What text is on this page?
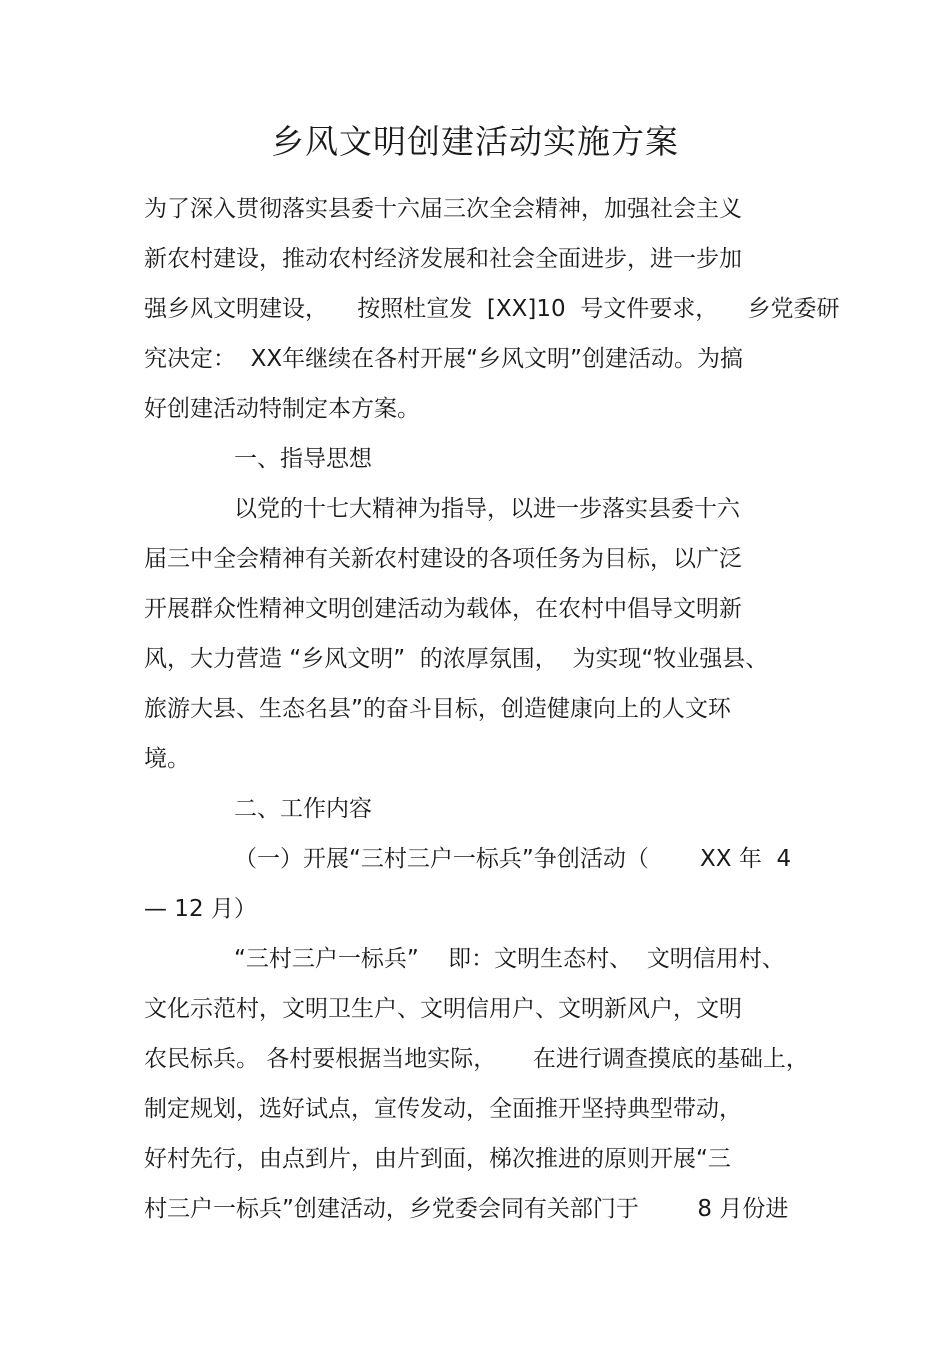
乡风文明创建活动实施方案
为了深入贯彻落实县委十六届三次全会精神，加强社会主义
新农村建设，推动农村经济发展和社会全面进步，进一步加
强乡风文明建设，    按照杜宣发  [XX]10  号文件要求，    乡党委研
究决定：  XX年继续在各村开展“乡风文明”创建活动。为搞
好创建活动特制定本方案。
一、指导思想
以党的十七大精神为指导，以进一步落实县委十六
届三中全会精神有关新农村建设的各项任务为目标，以广泛
开展群众性精神文明创建活动为载体，在农村中倡导文明新
风，大力营造 “乡风文明”  的浓厚氛围，  为实现“牧业强县、
旅游大县、生态名县”的奋斗目标，创造健康向上的人文环
境。
二、工作内容
（一）开展“三村三户一标兵”争创活动（       XX 年  4
— 12 月）
“三村三户一标兵”    即：文明生态村、  文明信用村、
文化示范村，文明卫生户、文明信用户、文明新风户，文明
农民标兵。 各村要根据当地实际，     在进行调查摸底的基础上，
制定规划，选好试点，宣传发动，全面推开坚持典型带动，
好村先行，由点到片，由片到面，梯次推进的原则开展“三
村三户一标兵”创建活动，乡党委会同有关部门于        8 月份进
